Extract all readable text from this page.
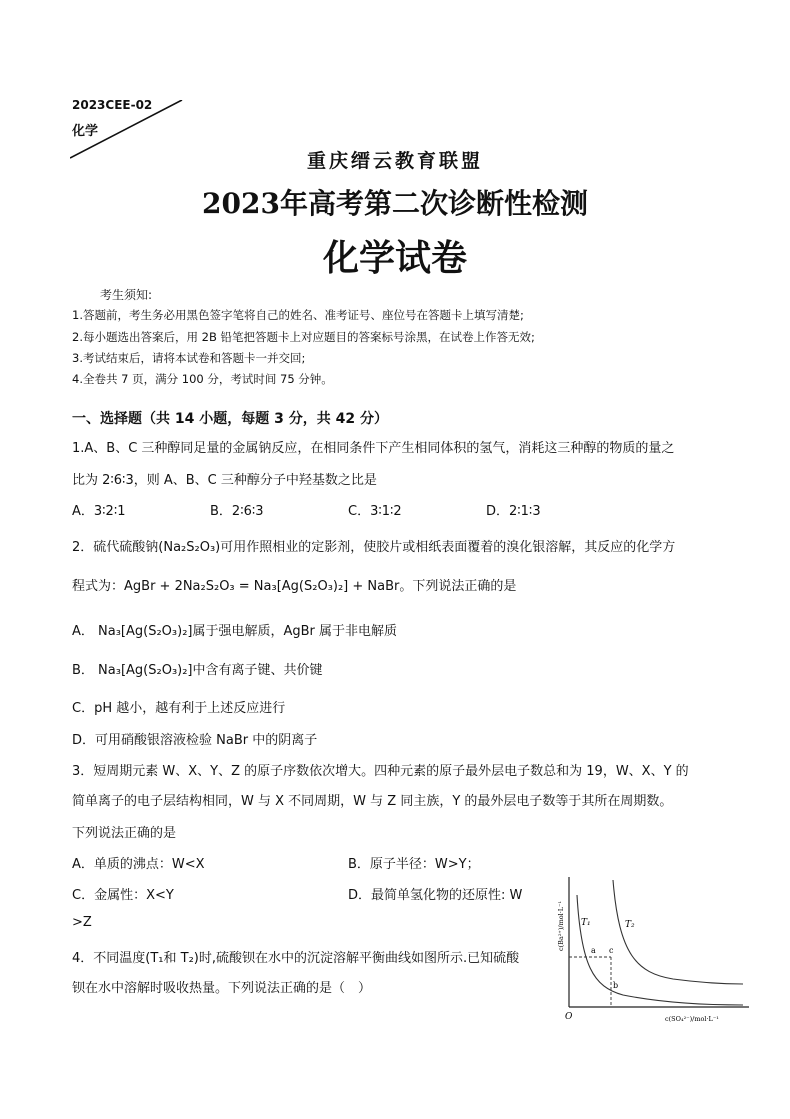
2023CEE-02
化学
重庆缙云教育联盟
2023年高考第二次诊断性检测
化学试卷
考生须知:
1.答题前，考生务必用黑色签字笔将自己的姓名、准考证号、座位号在答题卡上填写清楚;
2.每小题选出答案后，用 2B 铅笔把答题卡上对应题目的答案标号涂黑，在试卷上作答无效;
3.考试结束后，请将本试卷和答题卡一并交回;
4.全卷共 7 页，满分 100 分，考试时间 75 分钟。
一、选择题（共 14 小题，每题 3 分，共 42 分）
1.A、B、C 三种醇同足量的金属钠反应，在相同条件下产生相同体积的氢气，消耗这三种醇的物质的量之
比为 2∶6∶3，则 A、B、C 三种醇分子中羟基数之比是
A．3∶2∶1	B．2∶6∶3	C．3∶1∶2	D．2∶1∶3
2．硫代硫酸钠(Na₂S₂O₃)可用作照相业的定影剂，使胶片或相纸表面覆着的溴化银溶解，其反应的化学方
程式为：AgBr + 2Na₂S₂O₃ = Na₃[Ag(S₂O₃)₂] + NaBr。下列说法正确的是
A． Na₃[Ag(S₂O₃)₂]属于强电解质，AgBr 属于非电解质
B． Na₃[Ag(S₂O₃)₂]中含有离子键、共价键
C．pH 越小，越有利于上述反应进行
D．可用硝酸银溶液检验 NaBr 中的阴离子
3．短周期元素 W、X、Y、Z 的原子序数依次增大。四种元素的原子最外层电子数总和为 19，W、X、Y 的
简单离子的电子层结构相同，W 与 X 不同周期，W 与 Z 同主族，Y 的最外层电子数等于其所在周期数。
下列说法正确的是
A．单质的沸点：W<X	B．原子半径：W>Y；
C．金属性：X<Y	D．最简单氢化物的还原性: W
>Z
4．不同温度(T₁和 T₂)时,硫酸钡在水中的沉淀溶解平衡曲线如图所示.已知硫酸
钡在水中溶解时吸收热量。下列说法正确的是（　）
T₁	T₂
a
b
c
O	c(SO₄²⁻)/mol·L⁻¹
c(Ba²⁺)/mol·L⁻¹
